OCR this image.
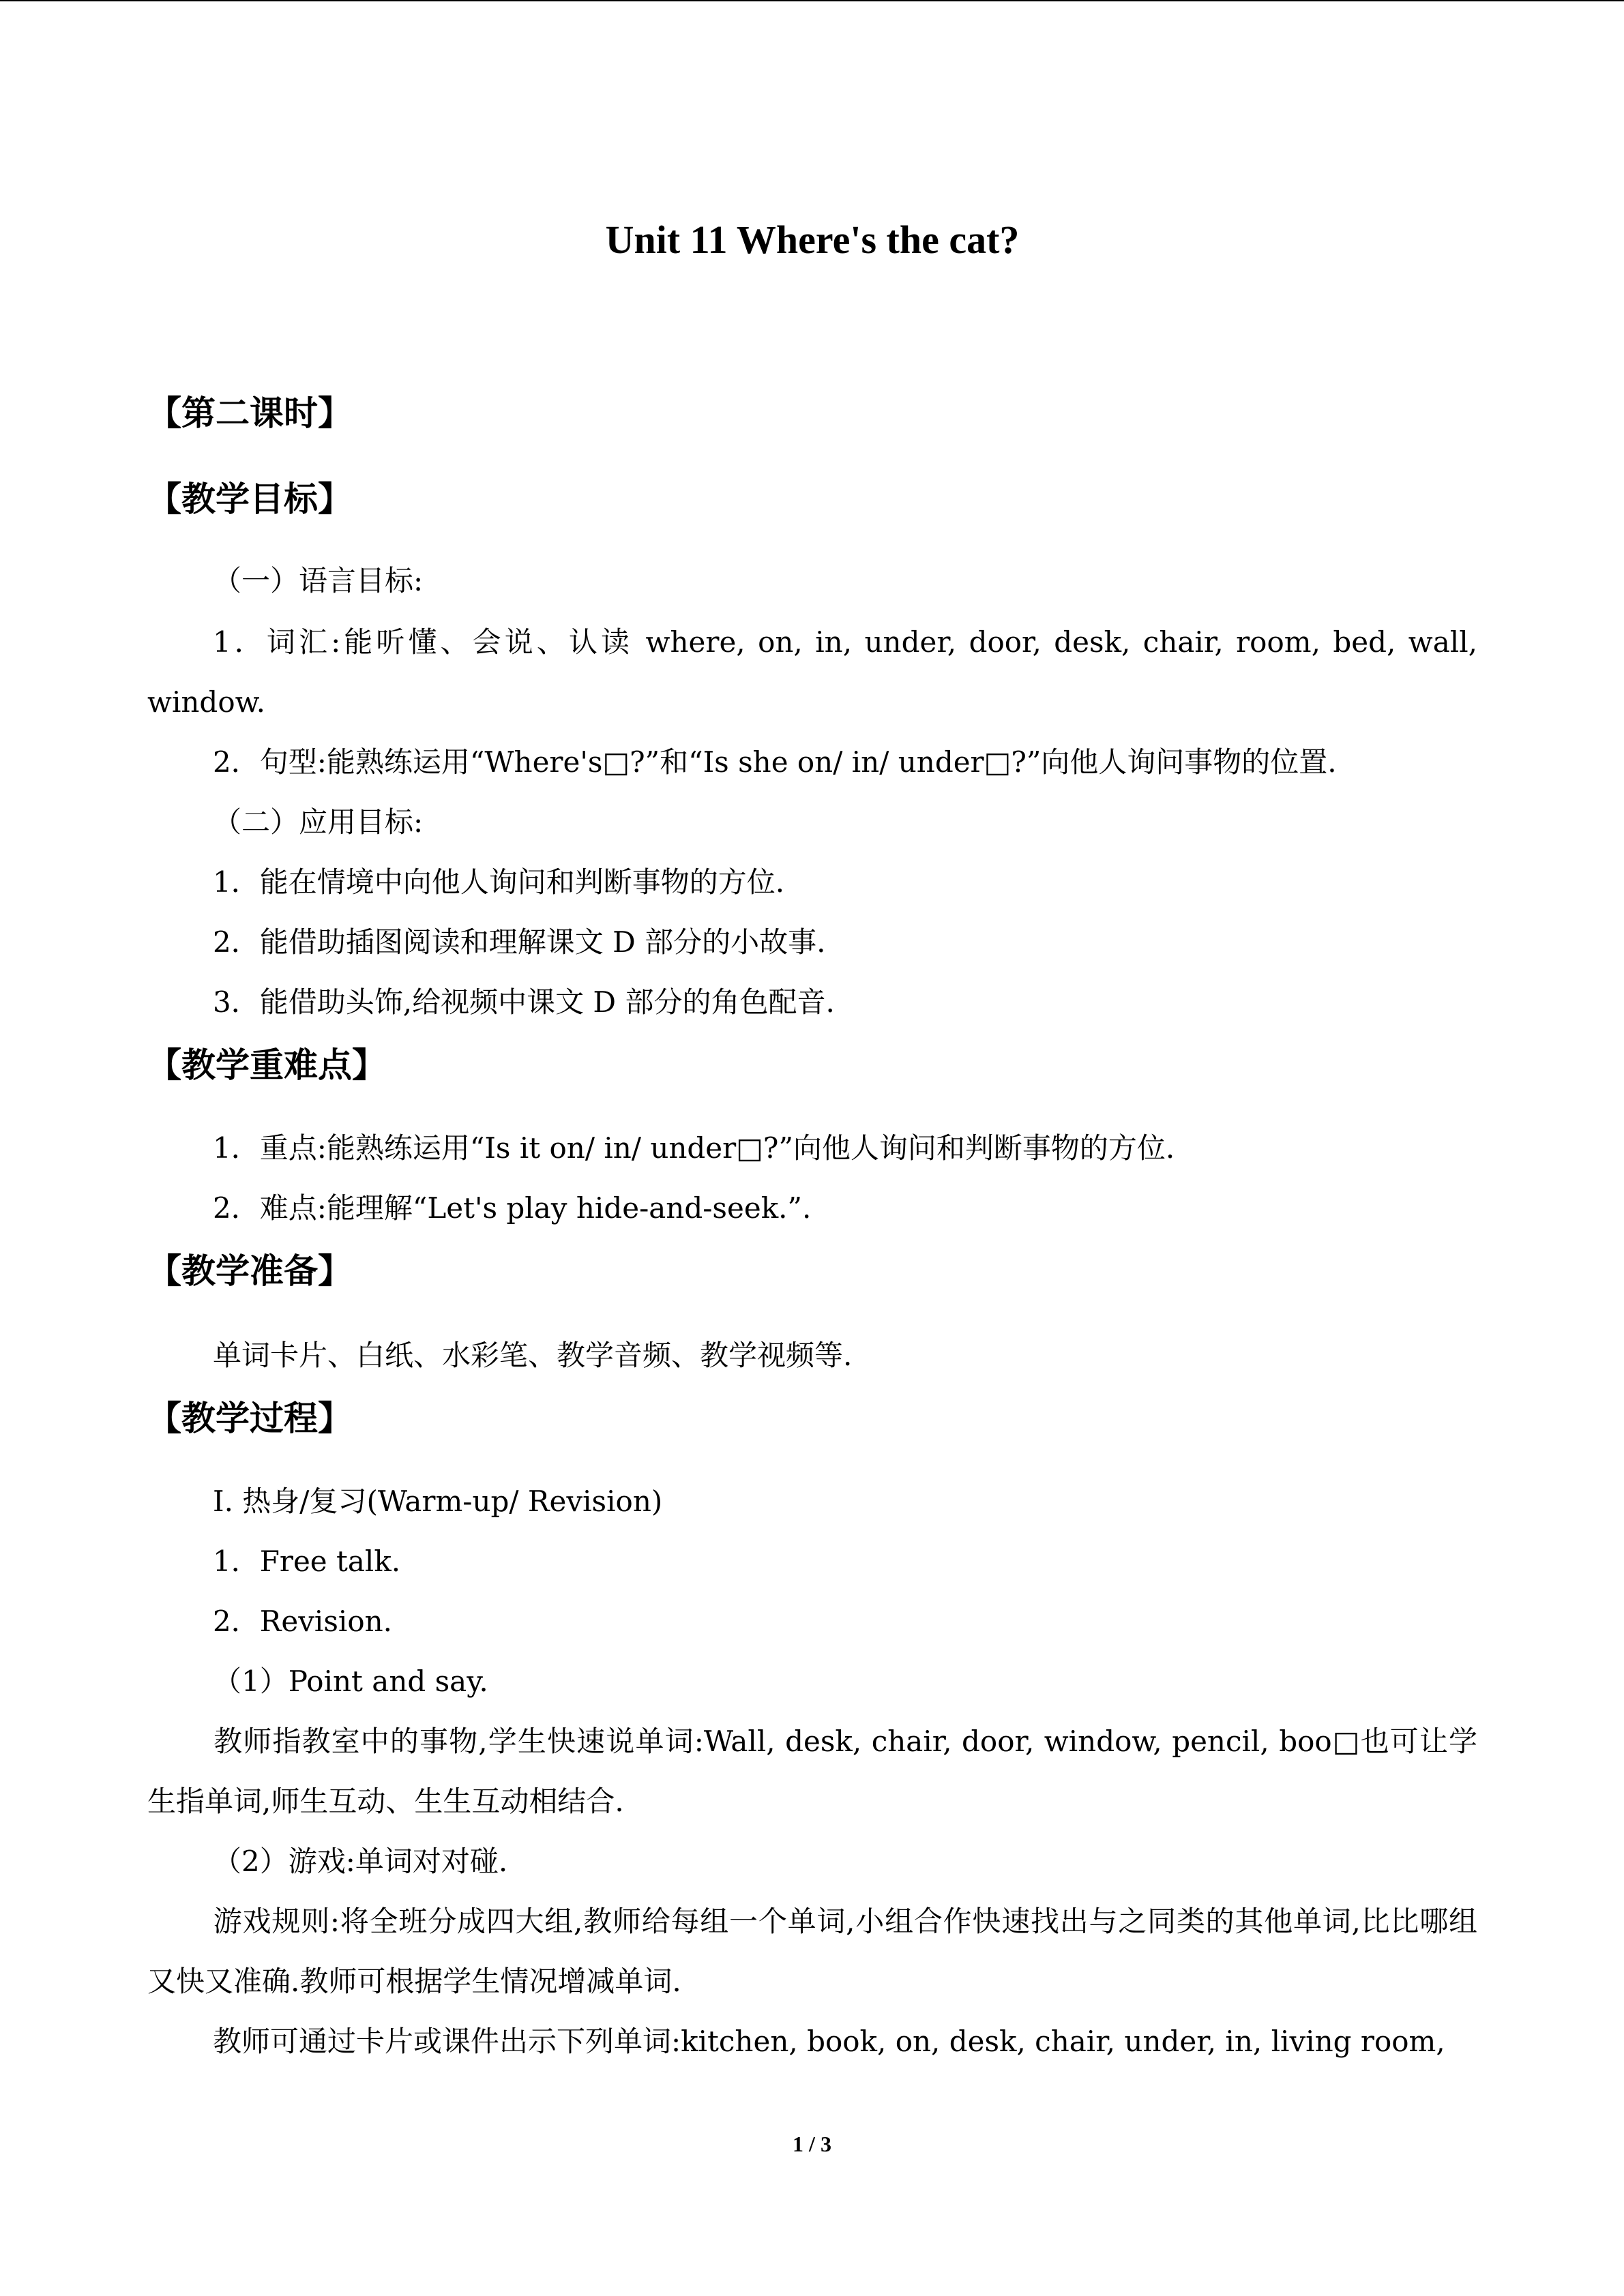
Unit 11 Where's the cat?
【第二课时】
【教学目标】
（一）语言目标:
1．词汇:能听懂、会说、认读 where, on, in, under, door, desk, chair, room, bed, wall, window.
2．句型:能熟练运用“Where's□?”和“Is she on/ in/ under□?”向他人询问事物的位置.
（二）应用目标:
1．能在情境中向他人询问和判断事物的方位.
2．能借助插图阅读和理解课文 D 部分的小故事.
3．能借助头饰,给视频中课文 D 部分的角色配音.
【教学重难点】
1．重点:能熟练运用“Is it on/ in/ under□?”向他人询问和判断事物的方位.
2．难点:能理解“Let's play hide-and-seek.”.
【教学准备】
单词卡片、白纸、水彩笔、教学音频、教学视频等.
【教学过程】
I. 热身/复习(Warm-up/ Revision)
1．Free talk.
2．Revision.
（1）Point and say.
教师指教室中的事物,学生快速说单词:Wall, desk, chair, door, window, pencil, boo□也可让学生指单词,师生互动、生生互动相结合.
（2）游戏:单词对对碰.
游戏规则:将全班分成四大组,教师给每组一个单词,小组合作快速找出与之同类的其他单词,比比哪组又快又准确.教师可根据学生情况增减单词.
教师可通过卡片或课件出示下列单词:kitchen, book, on, desk, chair, under, in, living room,
1 / 3
